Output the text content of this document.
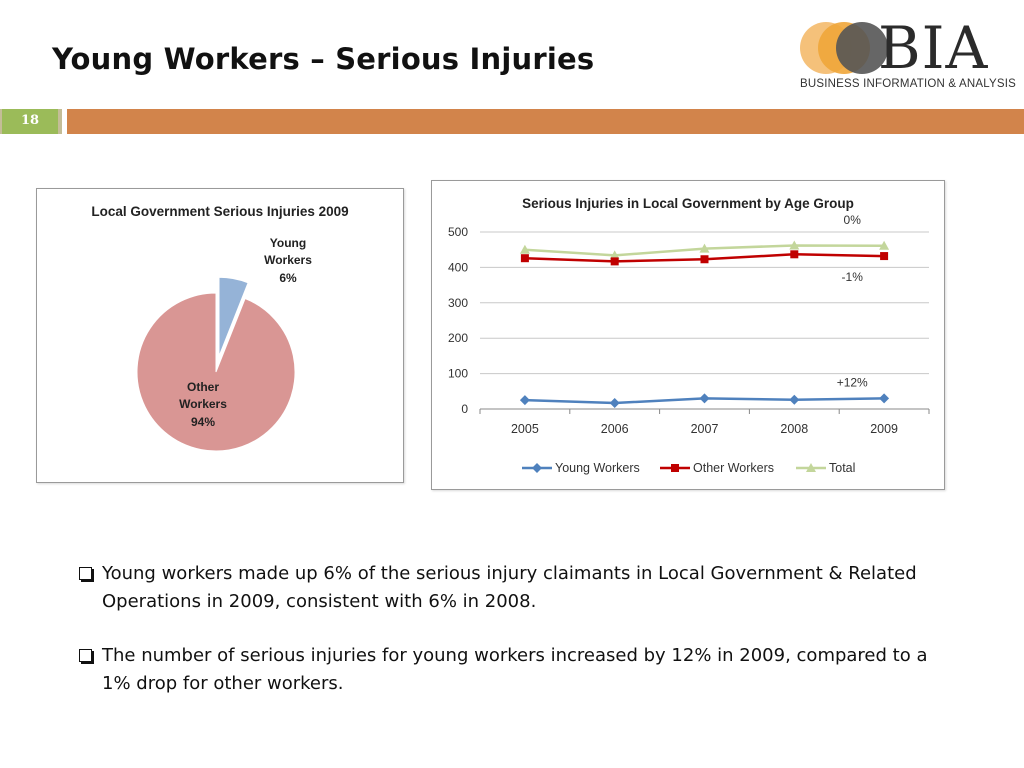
Young Workers – Serious Injuries	BIA
BUSINESS INFORMATION & ANALYSIS
18
Local Government Serious Injuries 2009
Young
Workers
6%
Other
Workers
94%
Serious Injuries in Local Government by Age Group
0
100
200
300
400
500
2005	2006	2007	2008	2009
0%
-1%
+12%
Young Workers	Other Workers	Total
Young workers made up 6% of the serious injury claimants in Local Government & Related
Operations in 2009, consistent with 6% in 2008.
The number of serious injuries for young workers increased by 12% in 2009, compared to a
1% drop for other workers.
